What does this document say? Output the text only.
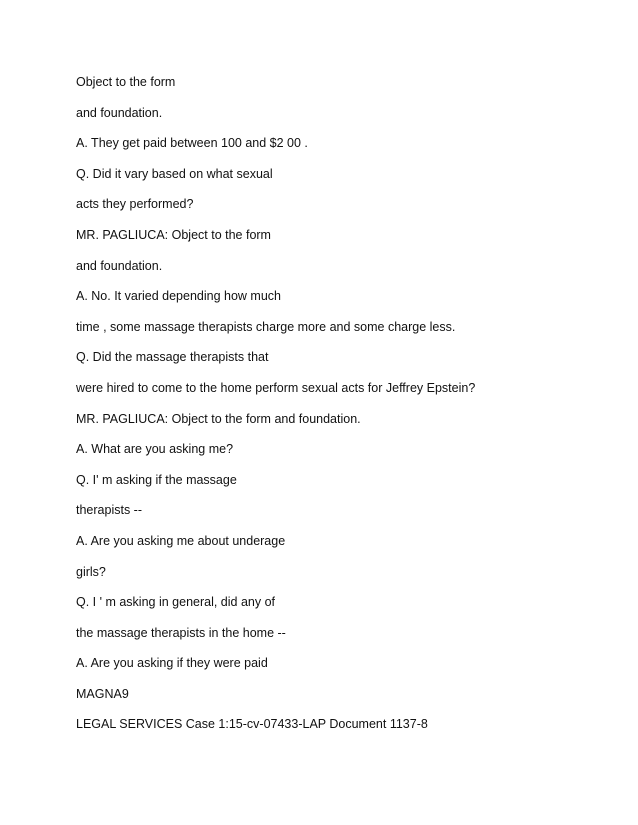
Object to the form
and foundation.
A. They get paid between 100 and $2 00 .
Q. Did it vary based on what sexual
acts they performed?
MR. PAGLIUCA: Object to the form
and foundation.
A. No. It varied depending how much
time , some massage therapists charge more and some charge less.
Q. Did the massage therapists that
were hired to come to the home perform sexual acts for Jeffrey Epstein?
MR. PAGLIUCA: Object to the form and foundation.
A. What are you asking me?
Q. I' m asking if the massage
therapists --
A. Are you asking me about underage
girls?
Q. I ' m asking in general, did any of
the massage therapists in the home --
A. Are you asking if they were paid
MAGNA9
LEGAL SERVICES Case 1:15-cv-07433-LAP Document 1137-8
